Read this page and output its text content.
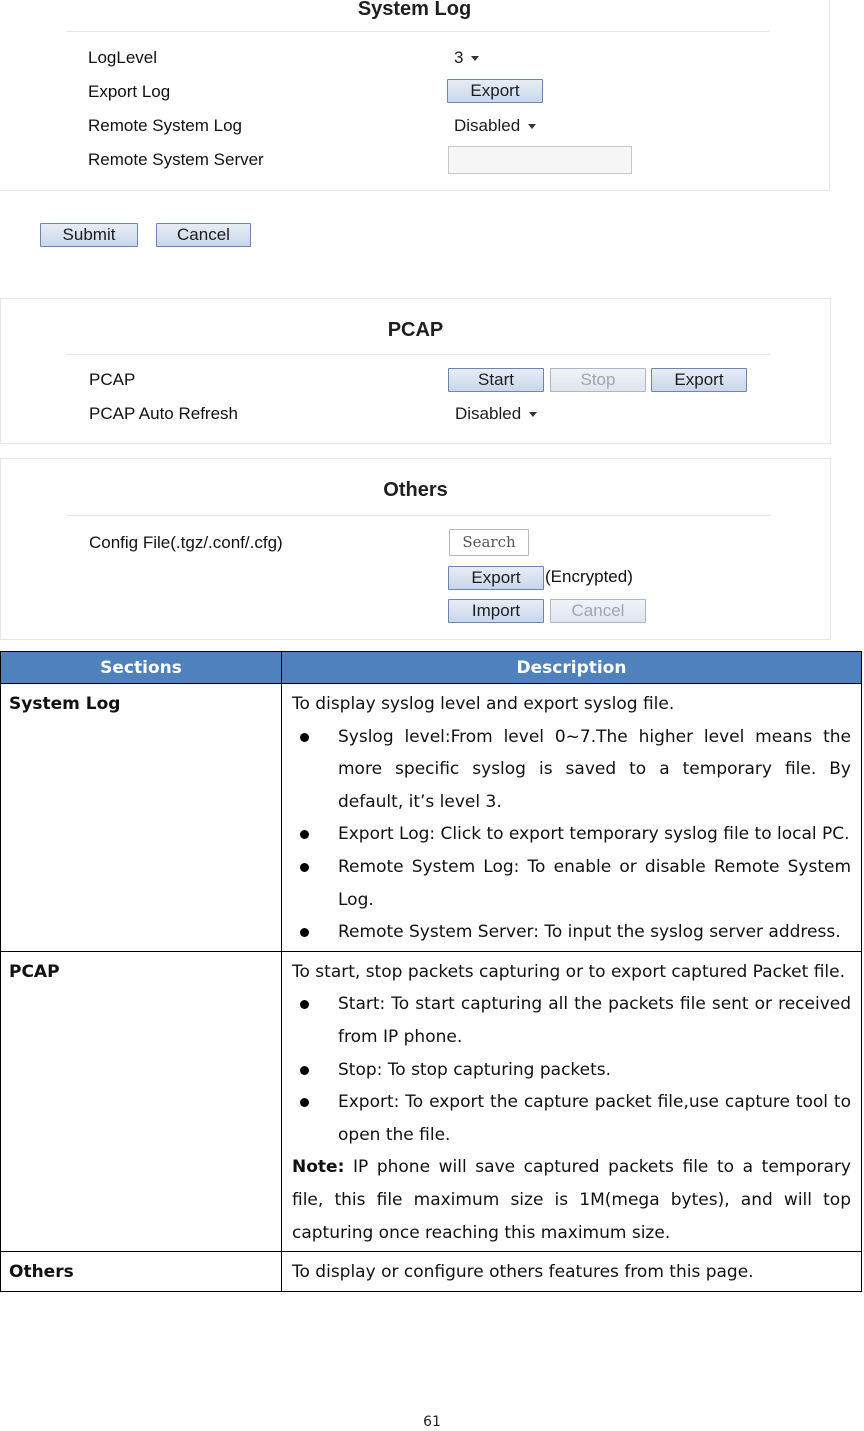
System Log
LogLevel	3
Export Log	Export
Remote System Log	Disabled
Remote System Server
Submit	Cancel
PCAP
PCAP	Start	Stop	Export
PCAP Auto Refresh	Disabled
Others
Config File(.tgz/.conf/.cfg)	Search
Export	(Encrypted)
Import	Cancel
Sections	Description
System Log	To display syslog level and export syslog file.
Syslog level:From level 0~7.The higher level means the more specific syslog is saved to a temporary file. By default, it’s level 3.
Export Log: Click to export temporary syslog file to local PC.
Remote System Log: To enable or disable Remote System Log.
Remote System Server: To input the syslog server address.

PCAP	To start, stop packets capturing or to export captured Packet file.
Start: To start capturing all the packets file sent or received from IP phone.
Stop: To stop capturing packets.
Export: To export the capture packet file,use capture tool to open the file.
Note: IP phone will save captured packets file to a temporary file, this file maximum size is 1M(mega bytes), and will top capturing once reaching this maximum size.

Others	To display or configure others features from this page.
61
